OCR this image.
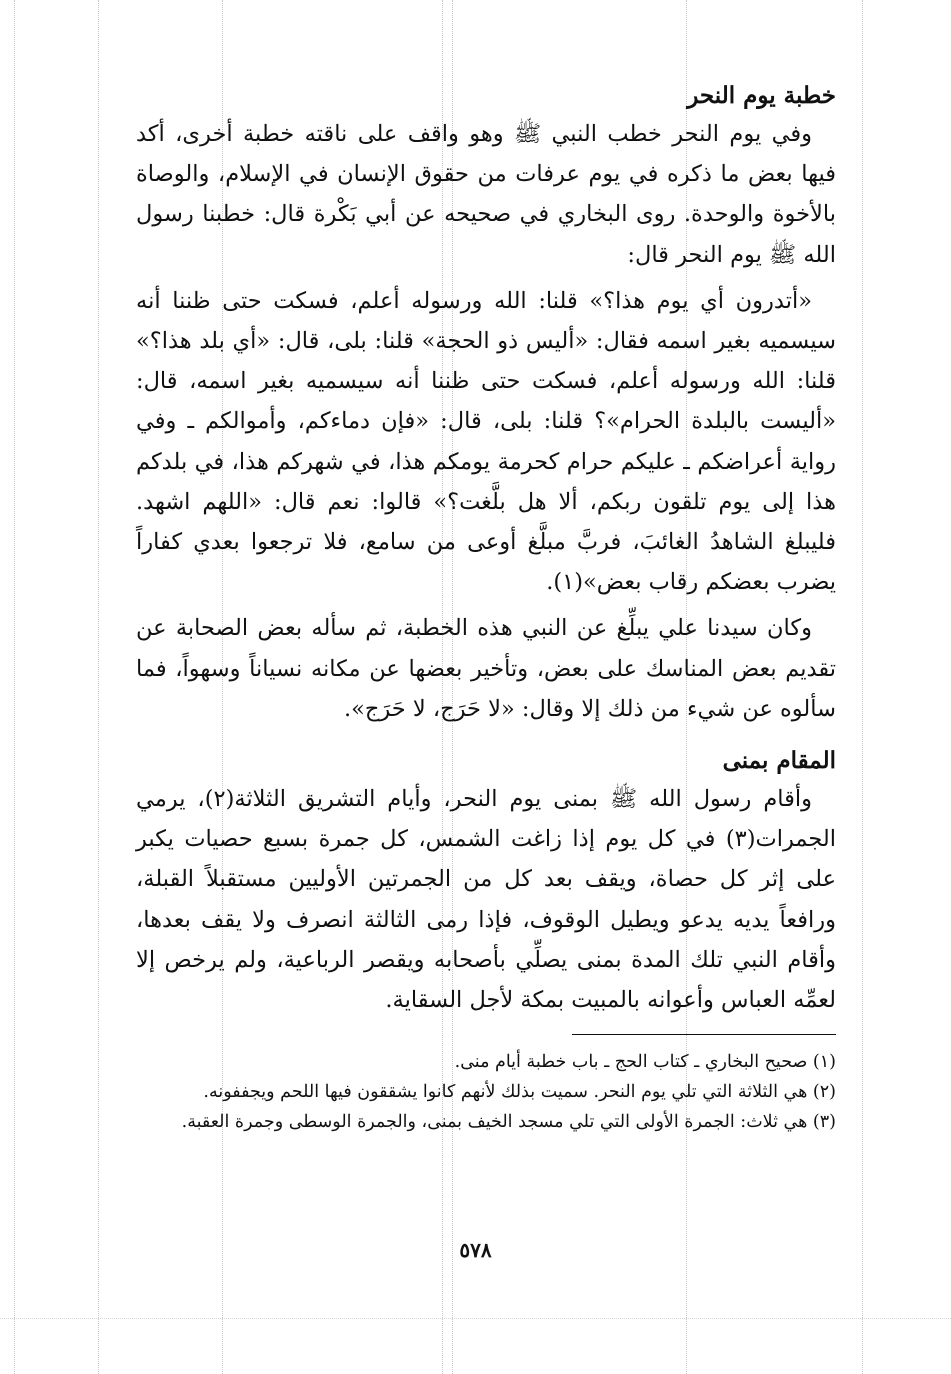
خطبة يوم النحر

وفي يوم النحر خطب النبي ﷺ وهو واقف على ناقته خطبة أخرى، أكد فيها بعض ما ذكره في يوم عرفات من حقوق الإنسان في الإسلام، والوصاة بالأخوة والوحدة. روى البخاري في صحيحه عن أبي بَكْرة قال: خطبنا رسول الله ﷺ يوم النحر قال:

«أتدرون أي يوم هذا؟» قلنا: الله ورسوله أعلم، فسكت حتى ظننا أنه سيسميه بغير اسمه فقال: «أليس ذو الحجة» قلنا: بلى، قال: «أي بلد هذا؟» قلنا: الله ورسوله أعلم، فسكت حتى ظننا أنه سيسميه بغير اسمه، قال: «أليست بالبلدة الحرام»؟ قلنا: بلى، قال: «فإن دماءكم، وأموالكم ـ وفي رواية أعراضكم ـ عليكم حرام كحرمة يومكم هذا، في شهركم هذا، في بلدكم هذا إلى يوم تلقون ربكم، ألا هل بلَّغت؟» قالوا: نعم قال: «اللهم اشهد. فليبلغ الشاهدُ الغائبَ، فربَّ مبلَّغ أوعى من سامع، فلا ترجعوا بعدي كفاراً يضرب بعضكم رقاب بعض»(١).

وكان سيدنا علي يبلِّغ عن النبي هذه الخطبة، ثم سأله بعض الصحابة عن تقديم بعض المناسك على بعض، وتأخير بعضها عن مكانه نسياناً وسهواً، فما سألوه عن شيء من ذلك إلا وقال: «لا حَرَج، لا حَرَج».

المقام بمنى

وأقام رسول الله ﷺ بمنى يوم النحر، وأيام التشريق الثلاثة(٢)، يرمي الجمرات(٣) في كل يوم إذا زاغت الشمس، كل جمرة بسبع حصيات يكبر على إثر كل حصاة، ويقف بعد كل من الجمرتين الأوليين مستقبلاً القبلة، ورافعاً يديه يدعو ويطيل الوقوف، فإذا رمى الثالثة انصرف ولا يقف بعدها، وأقام النبي تلك المدة بمنى يصلِّي بأصحابه ويقصر الرباعية، ولم يرخص إلا لعمِّه العباس وأعوانه بالمبيت بمكة لأجل السقاية.

(١) صحيح البخاري ـ كتاب الحج ـ باب خطبة أيام منى.

(٢) هي الثلاثة التي تلي يوم النحر. سميت بذلك لأنهم كانوا يشققون فيها اللحم ويجففونه.

(٣) هي ثلاث: الجمرة الأولى التي تلي مسجد الخيف بمنى، والجمرة الوسطى وجمرة العقبة.

٥٧٨
